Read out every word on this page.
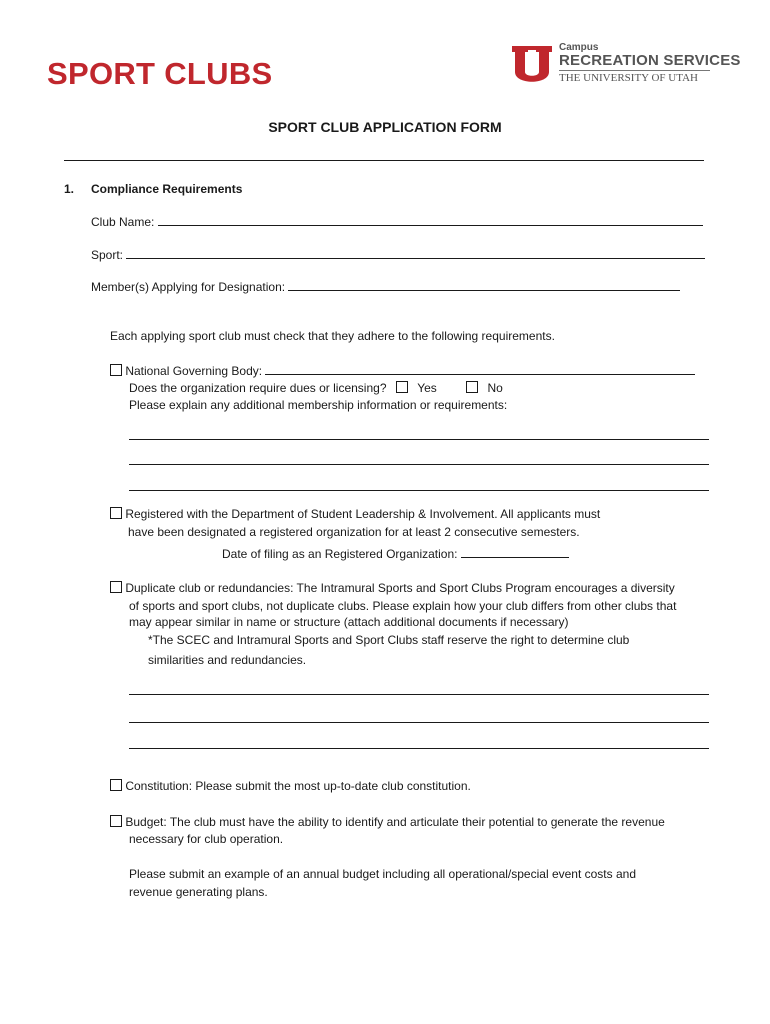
SPORT CLUBS
Campus
RECREATION SERVICES
THE UNIVERSITY OF UTAH
SPORT CLUB APPLICATION FORM
1. Compliance Requirements
Club Name:
Sport:
Member(s) Applying for Designation:
Each applying sport club must check that they adhere to the following requirements.
National Governing Body:
Does the organization require dues or licensing?	Yes	No
Please explain any additional membership information or requirements:
Registered with the Department of Student Leadership & Involvement. All applicants must
have been designated a registered organization for at least 2 consecutive semesters.
Date of filing as an Registered Organization:
Duplicate club or redundancies: The Intramural Sports and Sport Clubs Program encourages a diversity
of sports and sport clubs, not duplicate clubs. Please explain how your club differs from other clubs that
may appear similar in name or structure (attach additional documents if necessary)
*The SCEC and Intramural Sports and Sport Clubs staff reserve the right to determine club
similarities and redundancies.
Constitution: Please submit the most up-to-date club constitution.
Budget: The club must have the ability to identify and articulate their potential to generate the revenue
necessary for club operation.
Please submit an example of an annual budget including all operational/special event costs and
revenue generating plans.
